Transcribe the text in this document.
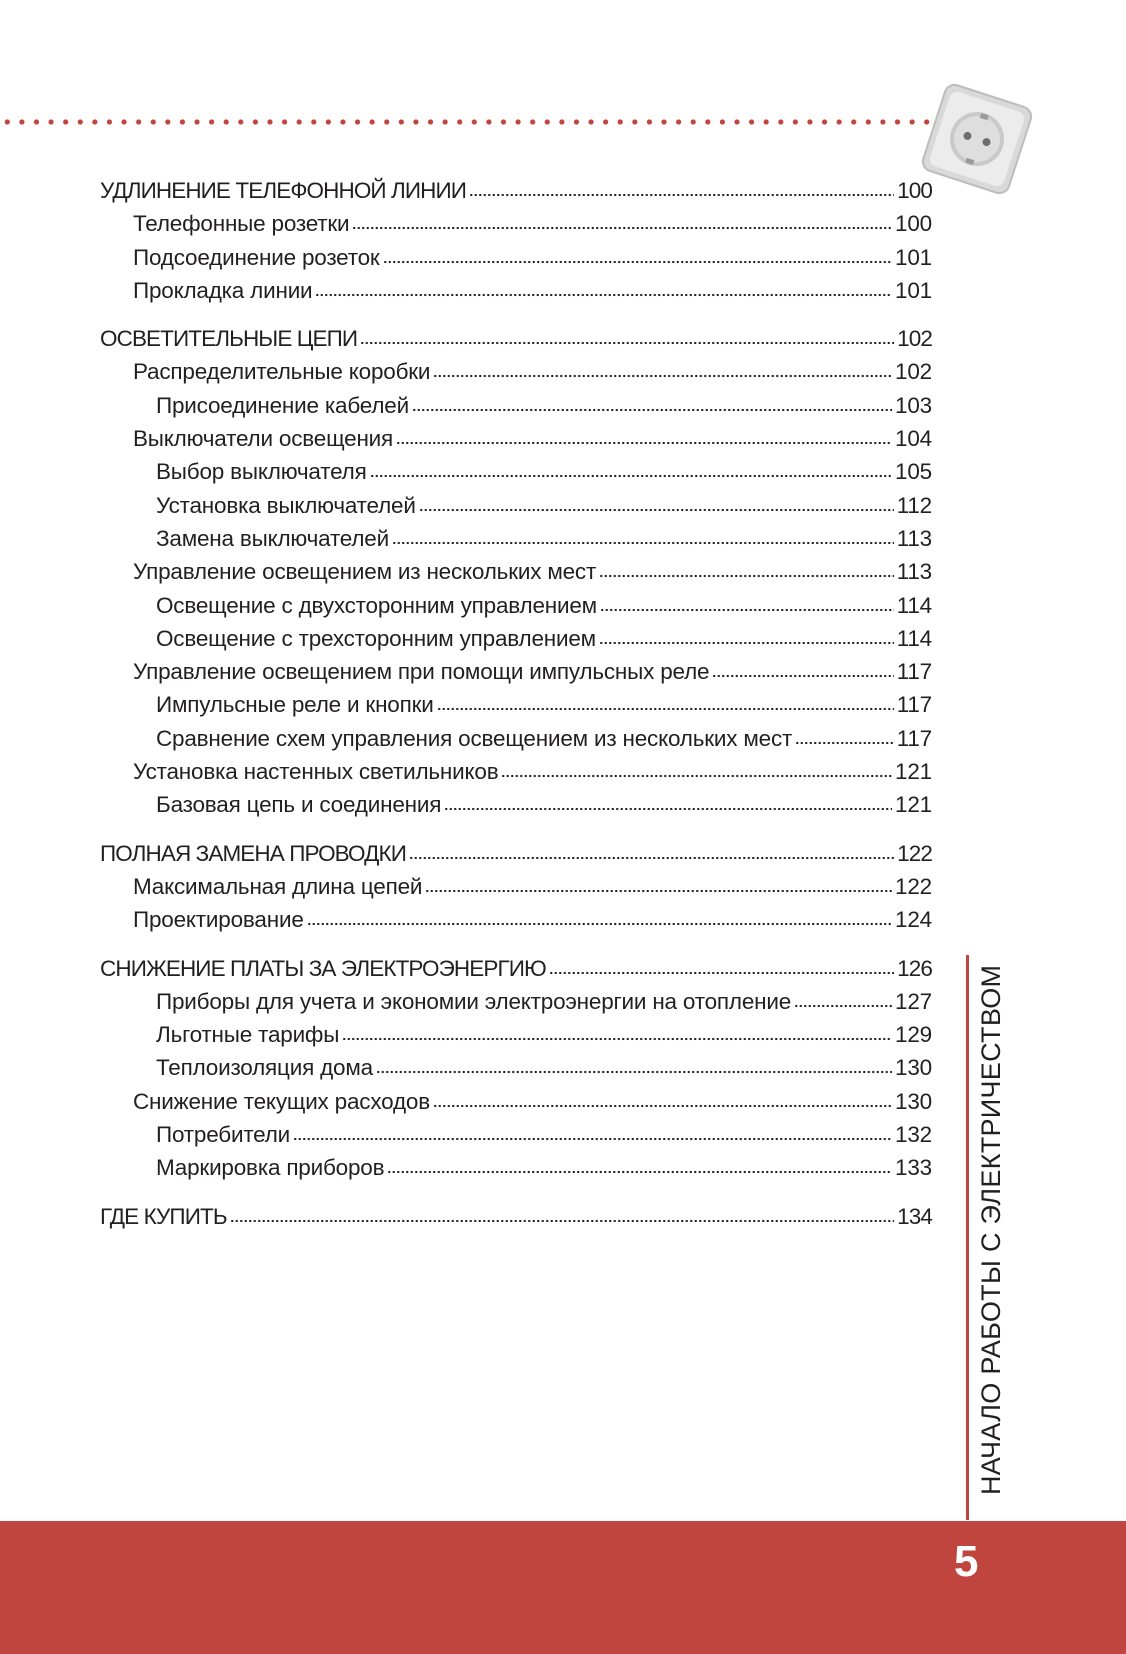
УДЛИНЕНИЕ ТЕЛЕФОННОЙ ЛИНИИ	100
Телефонные розетки	100
Подсоединение розеток	101
Прокладка линии	101
ОСВЕТИТЕЛЬНЫЕ ЦЕПИ	102
Распределительные коробки	102
Присоединение кабелей	103
Выключатели освещения	104
Выбор выключателя	105
Установка выключателей	112
Замена выключателей	113
Управление освещением из нескольких мест	113
Освещение с двухсторонним управлением	114
Освещение с трехсторонним управлением	114
Управление освещением при помощи импульсных реле	117
Импульсные реле и кнопки	117
Сравнение схем управления освещением из нескольких мест	117
Установка настенных светильников	121
Базовая цепь и соединения	121
ПОЛНАЯ ЗАМЕНА ПРОВОДКИ	122
Максимальная длина цепей	122
Проектирование	124
СНИЖЕНИЕ ПЛАТЫ ЗА ЭЛЕКТРОЭНЕРГИЮ	126
Приборы для учета и экономии электроэнергии на отопление	127
Льготные тарифы	129
Теплоизоляция дома	130
Снижение текущих расходов	130
Потребители	132
Маркировка приборов	133
ГДЕ КУПИТЬ	134 НАЧАЛО РАБОТЫ С ЭЛЕКТРИЧЕСТВОМ
5
